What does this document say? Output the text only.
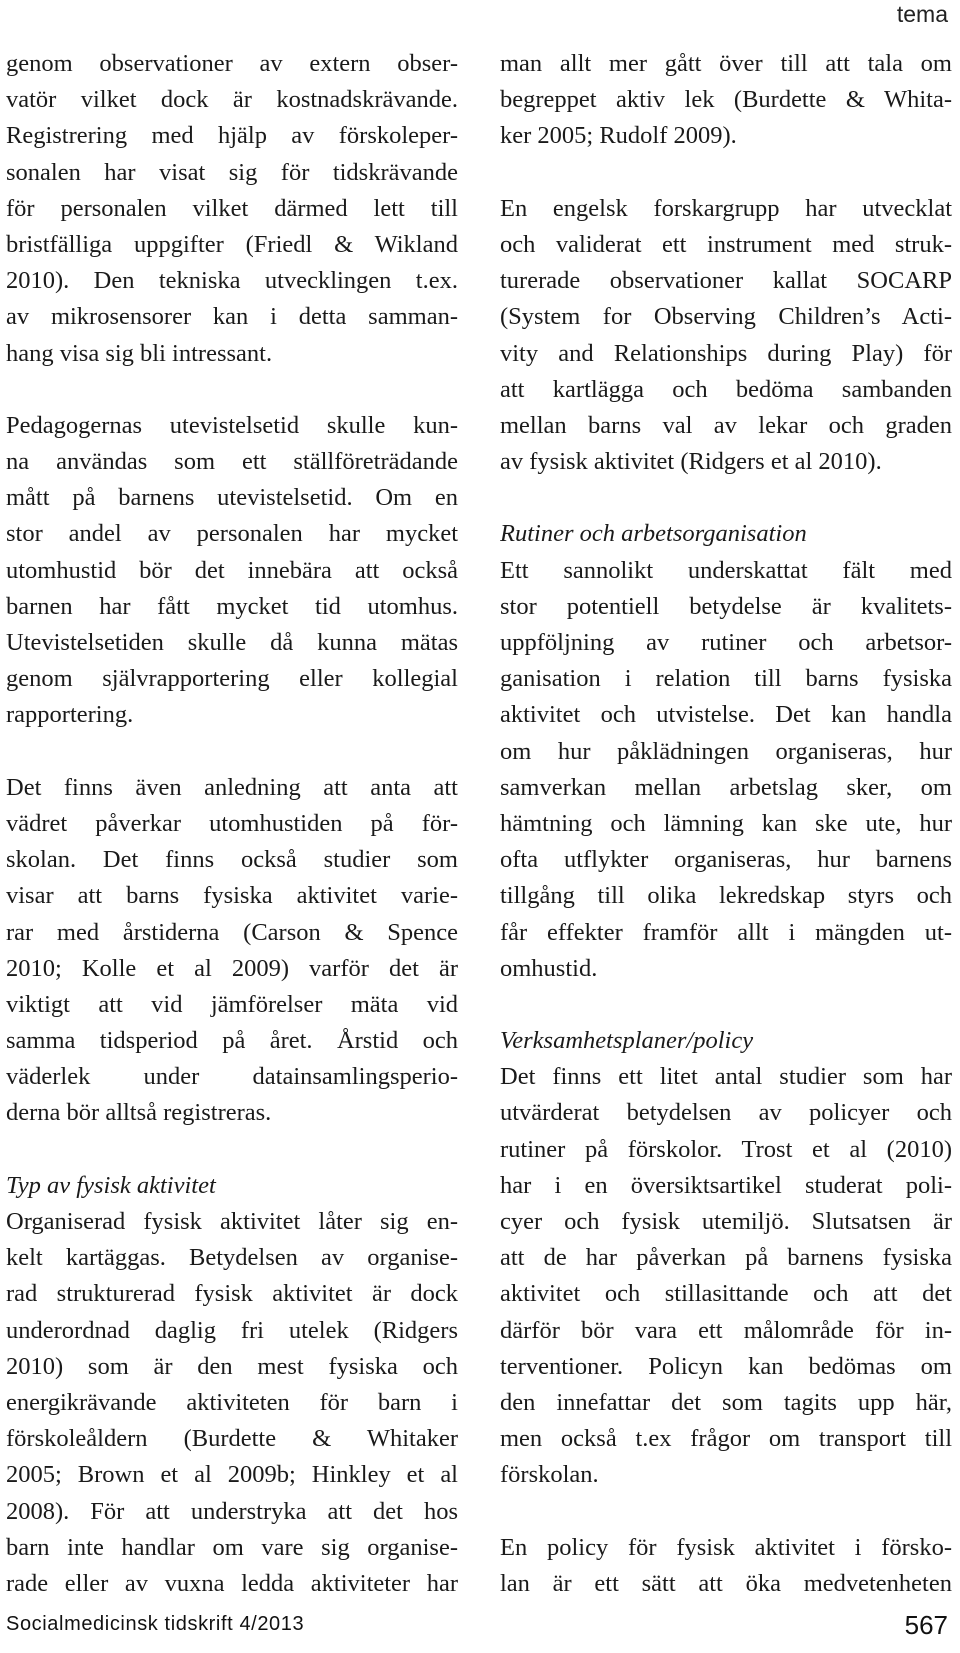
tema
genom observationer av extern obser-
vatör vilket dock är kostnadskrävande.
Registrering med hjälp av förskoleper-
sonalen har visat sig för tidskrävande
för personalen vilket därmed lett till
bristfälliga uppgifter (Friedl & Wikland
2010). Den tekniska utvecklingen t.ex.
av mikrosensorer kan i detta samman-
hang visa sig bli intressant.
Pedagogernas utevistelsetid skulle kun-
na användas som ett ställföreträdande
mått på barnens utevistelsetid. Om en
stor andel av personalen har mycket
utomhustid bör det innebära att också
barnen har fått mycket tid utomhus.
Utevistelsetiden skulle då kunna mätas
genom självrapportering eller kollegial
rapportering.
Det finns även anledning att anta att
vädret påverkar utomhustiden på för-
skolan. Det finns också studier som
visar att barns fysiska aktivitet varie-
rar med årstiderna (Carson & Spence
2010; Kolle et al 2009) varför det är
viktigt att vid jämförelser mäta vid
samma tidsperiod på året. Årstid och
väderlek under datainsamlingsperio-
derna bör alltså registreras.
Typ av fysisk aktivitet
Organiserad fysisk aktivitet låter sig en-
kelt kartäggas. Betydelsen av organise-
rad strukturerad fysisk aktivitet är dock
underordnad daglig fri utelek (Ridgers
2010) som är den mest fysiska och
energikrävande aktiviteten för barn i
förskoleåldern (Burdette & Whitaker
2005; Brown et al 2009b; Hinkley et al
2008). För att understryka att det hos
barn inte handlar om vare sig organise-
rade eller av vuxna ledda aktiviteter har
man allt mer gått över till att tala om
begreppet aktiv lek (Burdette & Whita-
ker 2005; Rudolf 2009).
En engelsk forskargrupp har utvecklat
och validerat ett instrument med struk-
turerade observationer kallat SOCARP
(System for Observing Children’s Acti-
vity and Relationships during Play) för
att kartlägga och bedöma sambanden
mellan barns val av lekar och graden
av fysisk aktivitet (Ridgers et al 2010).
Rutiner och arbetsorganisation
Ett sannolikt underskattat fält med
stor potentiell betydelse är kvalitets-
uppföljning av rutiner och arbetsor-
ganisation i relation till barns fysiska
aktivitet och utvistelse. Det kan handla
om hur påklädningen organiseras, hur
samverkan mellan arbetslag sker, om
hämtning och lämning kan ske ute, hur
ofta utflykter organiseras, hur barnens
tillgång till olika lekredskap styrs och
får effekter framför allt i mängden ut-
omhustid.
Verksamhetsplaner/policy
Det finns ett litet antal studier som har
utvärderat betydelsen av policyer och
rutiner på förskolor. Trost et al (2010)
har i en översiktsartikel studerat poli-
cyer och fysisk utemiljö. Slutsatsen är
att de har påverkan på barnens fysiska
aktivitet och stillasittande och att det
därför bör vara ett målområde för in-
terventioner. Policyn kan bedömas om
den innefattar det som tagits upp här,
men också t.ex frågor om transport till
förskolan.
En policy för fysisk aktivitet i försko-
lan är ett sätt att öka medvetenheten
Socialmedicinsk tidskrift 4/2013	567
